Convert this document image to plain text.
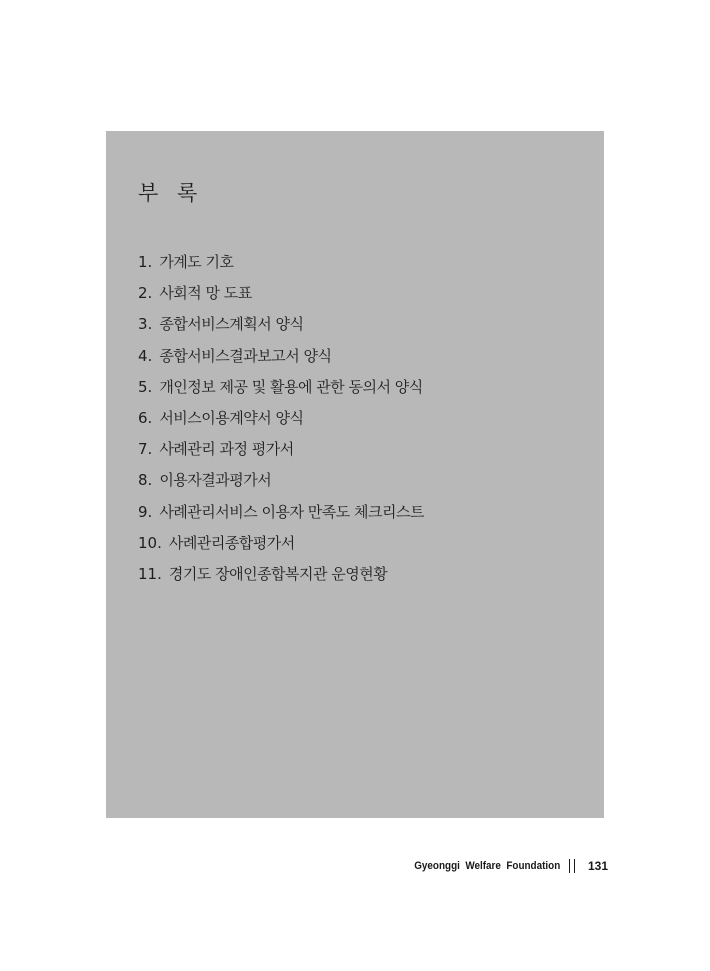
부 록
1. 가계도 기호
2. 사회적 망 도표
3. 종합서비스계획서 양식
4. 종합서비스결과보고서 양식
5. 개인정보 제공 및 활용에 관한 동의서 양식
6. 서비스이용계약서 양식
7. 사례관리 과정 평가서
8. 이용자결과평가서
9. 사례관리서비스 이용자 만족도 체크리스트
10. 사례관리종합평가서
11. 경기도 장애인종합복지관 운영현황
Gyeonggi Welfare Foundation 131
